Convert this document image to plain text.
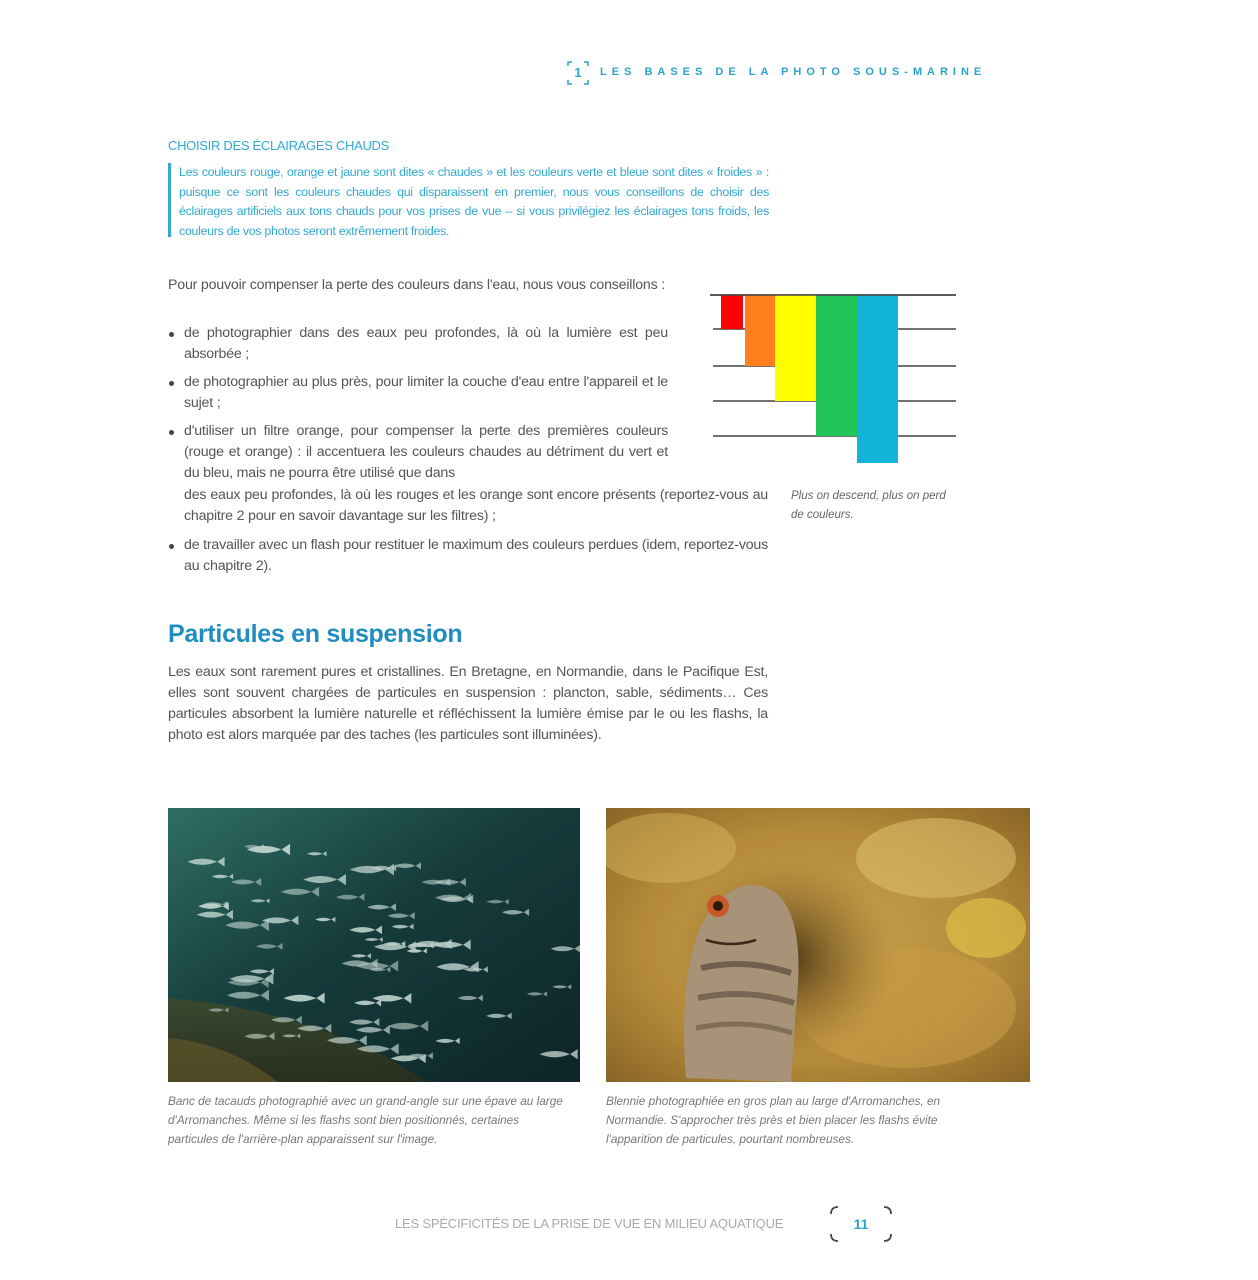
1	LES BASES DE LA PHOTO SOUS-MARINE
CHOISIR DES ÉCLAIRAGES CHAUDS
Les couleurs rouge, orange et jaune sont dites « chaudes » et les couleurs verte et bleue sont dites « froides » : puisque ce sont les couleurs chaudes qui disparaissent en premier, nous vous conseillons de choisir des éclairages artificiels aux tons chauds pour vos prises de vue – si vous privilégiez les éclairages tons froids, les couleurs de vos photos seront extrêmement froides.
Pour pouvoir compenser la perte des couleurs dans l'eau, nous vous conseillons :
de photographier dans des eaux peu profondes, là où la lumière est peu absorbée ;
de photographier au plus près, pour limiter la couche d'eau entre l'appareil et le sujet ;
d'utiliser un filtre orange, pour compenser la perte des premières couleurs (rouge et orange) : il accentuera les couleurs chaudes au détriment du vert et du bleu, mais ne pourra être utilisé que dans
des eaux peu profondes, là où les rouges et les orange sont encore présents (reportez-vous au chapitre 2 pour en savoir davantage sur les filtres) ;
de travailler avec un flash pour restituer le maximum des couleurs perdues (idem, reportez-vous au chapitre 2).
Plus on descend, plus on perd de couleurs.
Particules en suspension
Les eaux sont rarement pures et cristallines. En Bretagne, en Normandie, dans le Pacifique Est, elles sont souvent chargées de particules en suspension : plancton, sable, sédiments… Ces particules absorbent la lumière naturelle et réfléchissent la lumière émise par le ou les flashs, la photo est alors marquée par des taches (les particules sont illuminées).
Banc de tacauds photographié avec un grand-angle sur une épave au large d'Arromanches. Même si les flashs sont bien positionnés, certaines particules de l'arrière-plan apparaissent sur l'image.
Blennie photographiée en gros plan au large d'Arromanches, en Normandie. S'approcher très près et bien placer les flashs évite l'apparition de particules, pourtant nombreuses.
LES SPÉCIFICITÉS DE LA PRISE DE VUE EN MILIEU AQUATIQUE	11
